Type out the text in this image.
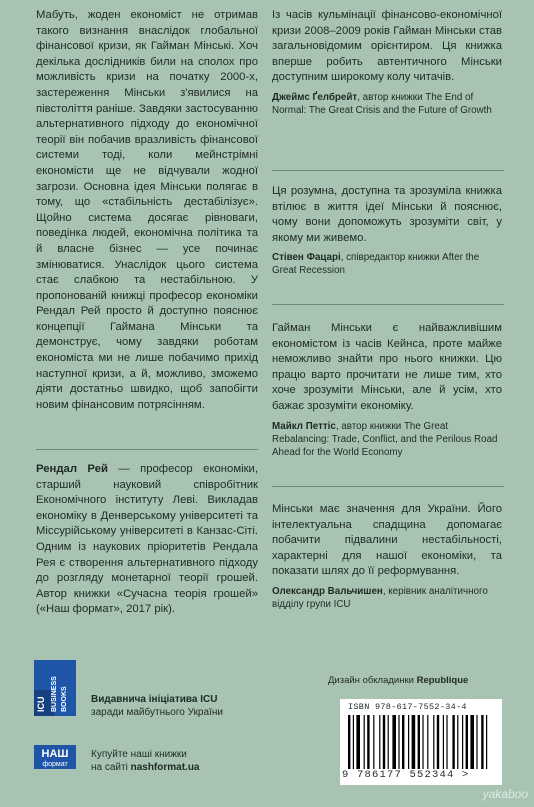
Мабуть, жоден економіст не отримав такого визнання внаслідок глобальної фінансової кризи, як Гайман Мінські. Хоч декілька дослідників били на сполох про можливість кризи на початку 2000-х, застереження Мінськи з'явилися на півстоліття раніше. Завдяки застосуванню альтернативного підходу до економічної теорії він побачив вразливість фінансової системи тоді, коли мейнстрімні економісти ще не відчували жодної загрози. Основна ідея Мінськи полягає в тому, що «стабільність дестабілізує». Щойно система досягає рівноваги, поведінка людей, економічна політика та й власне бізнес — усе починає змінюватися. Унаслідок цього система стає слабкою та нестабільною. У пропонованій книжці професор економіки Рендал Рей просто й доступно пояснює концепції Гаймана Мінськи та демонструє, чому завдяки роботам економіста ми не лише побачимо прихід наступної кризи, а й, можливо, зможемо діяти достатньо швидко, щоб запобігти новим фінансовим потрясінням.

Рендал Рей — професор економіки, старший науковий співробітник Економічного інституту Леві. Викладав економіку в Денверському університеті та Міссурійському університеті в Канзас-Сіті. Одним із наукових пріоритетів Рендала Рея є створення альтернативного підходу до розгляду монетарної теорії грошей. Автор книжки «Сучасна теорія грошей» («Наш формат», 2017 рік).
Із часів кульмінації фінансово-економічної кризи 2008–2009 років Гайман Мінськи став загальновідомим орієнтиром. Ця книжка вперше робить автентичного Мінськи доступним широкому колу читачів.
Джеймс Ґелбрейт, автор книжки The End of Normal: The Great Crisis and the Future of Growth
Ця розумна, доступна та зрозуміла книжка втілює в життя ідеї Мінськи й пояснює, чому вони допоможуть зрозуміти світ, у якому ми живемо.
Стівен Фацарі, співредактор книжки After the Great Recession
Гайман Мінськи є найважливішим економістом із часів Кейнса, проте майже неможливо знайти про нього книжки. Цю працю варто прочитати не лише тим, хто хоче зрозуміти Мінськи, але й усім, хто бажає зрозуміти економіку.
Майкл Петтіс, автор книжки The Great Rebalancing: Trade, Conflict, and the Perilous Road Ahead for the World Economy
Мінськи має значення для України. Його інтелектуальна спадщина допомагає побачити підвалини нестабільності, характерні для нашої економіки, та показати шлях до її реформування.
Олександр Вальчишен, керівник аналітичного відділу групи ICU
Дизайн обкладинки Republique
ISBN 978-617-7552-34-4
9 786177 552344 >
ICU BUSINESS BOOKS Видавнича ініціатива ICU
заради майбутнього України
НАШ
формат
Купуйте наші книжки
на сайті nashformat.ua
yakaboo
